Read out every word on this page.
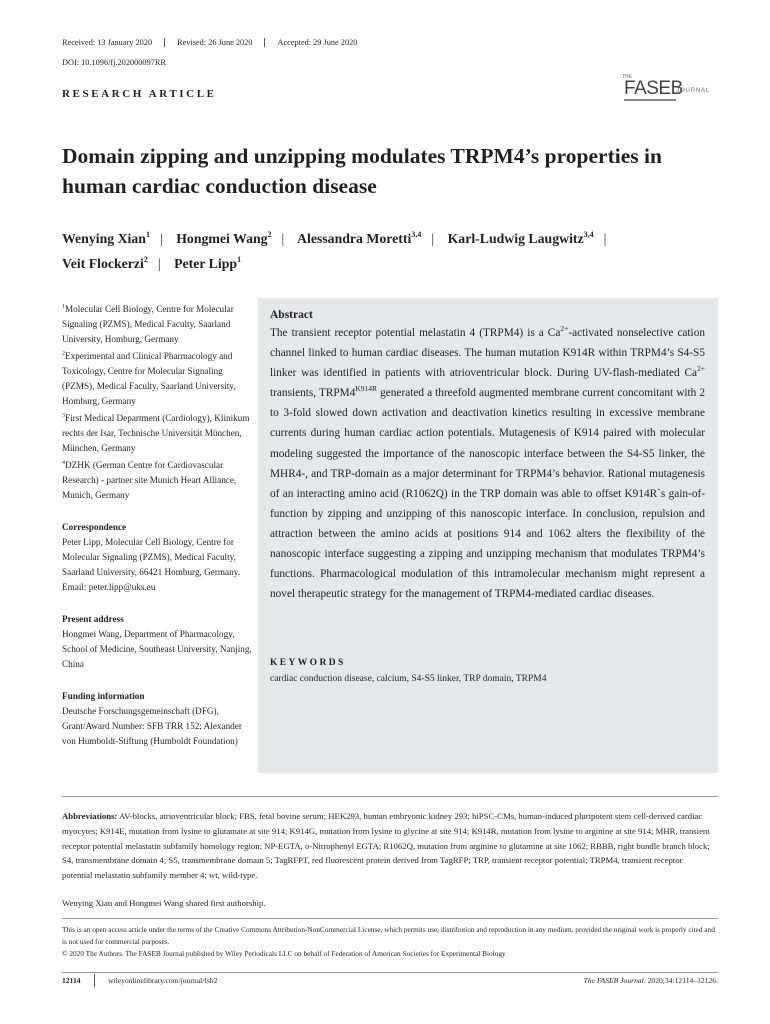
Received: 13 January 2020	Revised: 26 June 2020	Accepted: 29 June 2020
DOI: 10.1096/fj.202000097RR
RESEARCH ARTICLE
THE
FASEB
JOURNAL
Domain zipping and unzipping modulates TRPM4’s properties in human cardiac conduction disease
Wenying Xian$^1$ | Hongmei Wang$^2$ | Alessandra Moretti$^{3,4}$ | Karl-Ludwig Laugwitz$^{3,4}$ |
Veit Flockerzi$^2$ | Peter Lipp$^1$
$^1$Molecular Cell Biology, Centre for Molecular Signaling (PZMS), Medical Faculty, Saarland University, Homburg, Germany
$^2$Experimental and Clinical Pharmacology and Toxicology, Centre for Molecular Signaling (PZMS), Medical Faculty, Saarland University, Homburg, Germany
$^3$First Medical Department (Cardiology), Klinikum rechts der Isar, Technische Universität München, München, Germany
$^4$DZHK (German Centre for Cardiovascular Research) - partner site Munich Heart Alliance, Munich, Germany
Correspondence
Peter Lipp, Molecular Cell Biology, Centre for Molecular Signaling (PZMS), Medical Faculty, Saarland University, 66421 Homburg, Germany.
Email: peter.lipp@uks.eu
Present address
Hongmei Wang, Department of Pharmacology, School of Medicine, Southeast University, Nanjing, China
Funding information
Deutsche Forschungsgemeinschaft (DFG), Grant/Award Number: SFB TRR 152; Alexander von Humboldt-Stiftung (Humboldt Foundation)
Abstract
The transient receptor potential melastatin 4 (TRPM4) is a $Ca^{2+}$-activated nonselective cation channel linked to human cardiac diseases. The human mutation K914R within TRPM4’s S4-S5 linker was identified in patients with atrioventricular block. During UV-flash-mediated $Ca^{2+}$ transients, $TRPM4^{K914R}$ generated a threefold augmented membrane current concomitant with 2 to 3-fold slowed down activation and deactivation kinetics resulting in excessive membrane currents during human cardiac action potentials. Mutagenesis of K914 paired with molecular modeling suggested the importance of the nanoscopic interface between the S4-S5 linker, the MHR4-, and TRP-domain as a major determinant for TRPM4’s behavior. Rational mutagenesis of an interacting amino acid (R1062Q) in the TRP domain was able to offset K914R`s gain-of-function by zipping and unzipping of this nanoscopic interface. In conclusion, repulsion and attraction between the amino acids at positions 914 and 1062 alters the flexibility of the nanoscopic interface suggesting a zipping and unzipping mechanism that modulates TRPM4’s functions. Pharmacological modulation of this intramolecular mechanism might represent a novel therapeutic strategy for the management of TRPM4-mediated cardiac diseases.
KEYWORDS
cardiac conduction disease, calcium, S4-S5 linker, TRP domain, TRPM4
Abbreviations: AV-blocks, atrioventricular block; FBS, fetal bovine serum; HEK293, human embryonic kidney 293; hiPSC-CMs, human-induced pluripotent stem cell-derived cardiac myocytes; K914E, mutation from lysine to glutamate at site 914; K914G, mutation from lysine to glycine at site 914; K914R, mutation from lysine to arginine at site 914; MHR, transient receptor potential melastatin subfamily homology region; NP-EGTA, o-Nitrophenyl EGTA; R1062Q, mutation from arginine to glutamine at site 1062; RBBB, right bundle branch block; S4, transmembrane domain 4; S5, transmembrane domain 5; TagRFPT, red fluorescent protein derived from TagRFP; TRP, transient receptor potential; TRPM4, transient receptor potential melastatin subfamily member 4; wt, wild-type.
Wenying Xian and Hongmei Wang shared first authorship.
This is an open access article under the terms of the Creative Commons Attribution-NonCommercial License, which permits use, distribution and reproduction in any medium, provided the original work is properly cited and is not used for commercial purposes.
© 2020 The Authors. The FASEB Journal published by Wiley Periodicals LLC on behalf of Federation of American Societies for Experimental Biology
12114	wileyonlinelibrary.com/journal/fsb2	The FASEB Journal. 2020;34:12114–12126.
